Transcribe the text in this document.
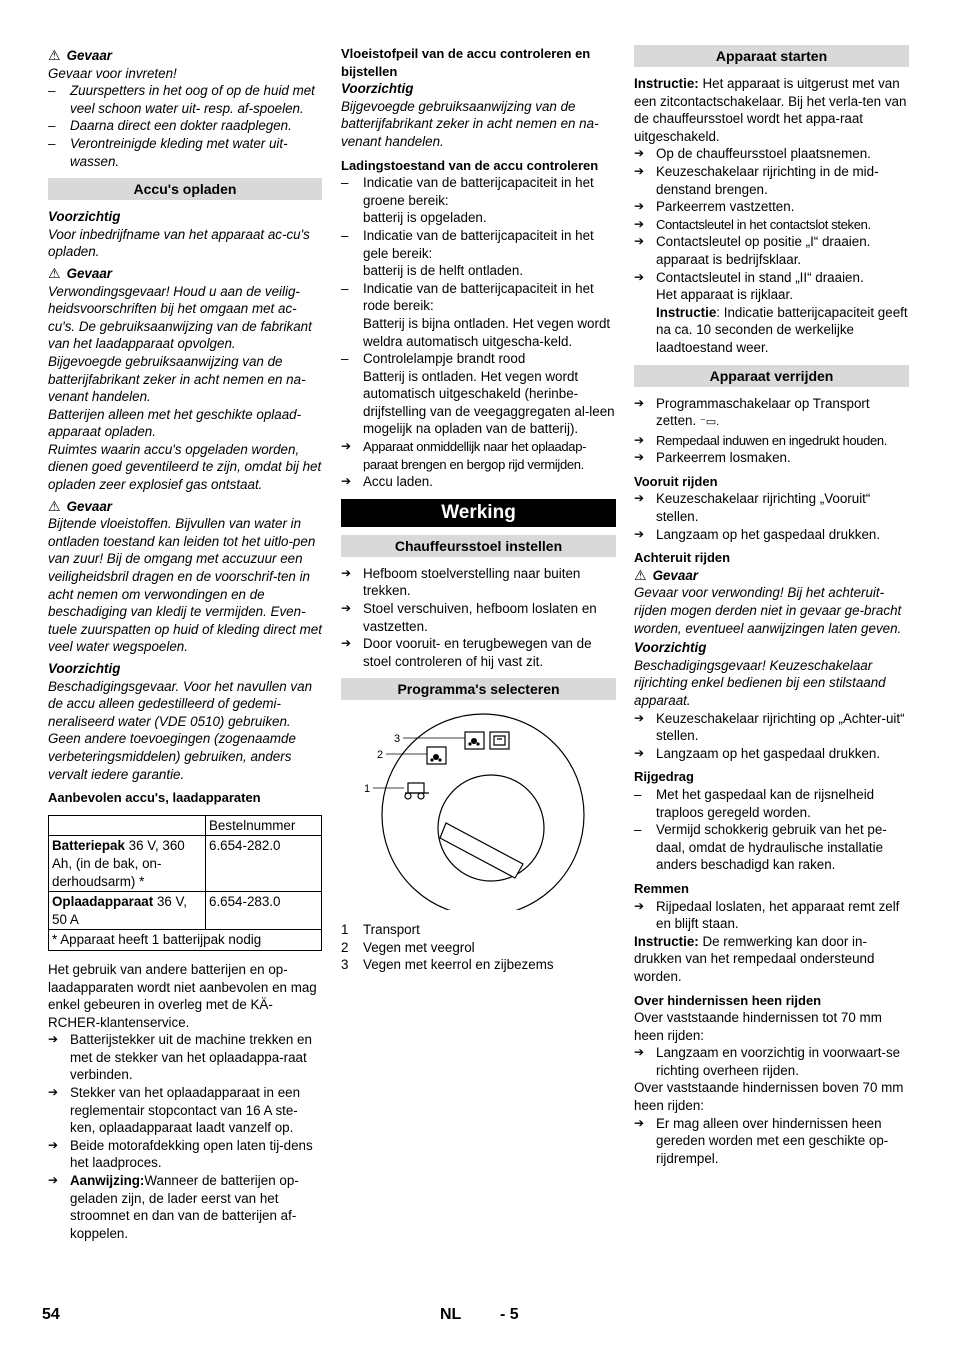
⚠ Gevaar

Gevaar voor invreten!

– Zuurspetters in het oog of op de huid met veel schoon water uit- resp. af-spoelen.

– Daarna direct een dokter raadplegen.

– Verontreinigde kleding met water uit-wassen.

Accu's opladen

Voorzichtig

Voor inbedrijfname van het apparaat ac-cu's opladen.

⚠ Gevaar

Verwondingsgevaar! Houd u aan de veilig-heidsvoorschriften bij het omgaan met ac-cu's. De gebruiksaanwijzing van de fabrikant van het laadapparaat opvolgen.

Bijgevoegde gebruiksaanwijzing van de batterijfabrikant zeker in acht nemen en na-venant handelen.

Batterijen alleen met het geschikte oplaad-apparaat opladen.

Ruimtes waarin accu's opgeladen worden, dienen goed geventileerd te zijn, omdat bij het opladen zeer explosief gas ontstaat.

⚠ Gevaar

Bijtende vloeistoffen. Bijvullen van water in ontladen toestand kan leiden tot het uitlo-pen van zuur! Bij de omgang met accuzuur een veiligheidsbril dragen en de voorschrif-ten in acht nemen om verwondingen en de beschadiging van kledij te vermijden. Even-tuele zuurspatten op huid of kleding direct met veel water wegspoelen.

Voorzichtig

Beschadigingsgevaar. Voor het navullen van de accu alleen gedestilleerd of gedemi-neraliseerd water (VDE 0510) gebruiken. Geen andere toevoegingen (zogenaamde verbeteringsmiddelen) gebruiken, anders vervalt iedere garantie.

Aanbevolen accu's, laadapparaten

	Bestelnummer
Batteriepak 36 V, 360 Ah, (in de bak, on-derhoudsarm) *	6.654-282.0
Oplaadapparaat 36 V, 50 A	6.654-283.0
* Apparaat heeft 1 batterijpak nodig	

Het gebruik van andere batterijen en op-laadapparaten wordt niet aanbevolen en mag enkel gebeuren in overleg met de KÄ-RCHER-klantenservice.

➔ Batterijstekker uit de machine trekken en met de stekker van het oplaadappa-raat verbinden.

➔ Stekker van het oplaadapparaat in een reglementair stopcontact van 16 A ste-ken, oplaadapparaat laadt vanzelf op.

➔ Beide motorafdekking open laten tij-dens het laadproces.

➔ Aanwijzing:Wanneer de batterijen op-geladen zijn, de lader eerst van het stroomnet en dan van de batterijen af-koppelen.

Vloeistofpeil van de accu controleren en bijstellen

Voorzichtig

Bijgevoegde gebruiksaanwijzing van de batterijfabrikant zeker in acht nemen en na-venant handelen.

Ladingstoestand van de accu controleren

– Indicatie van de batterijcapaciteit in het groene bereik:

batterij is opgeladen.

– Indicatie van de batterijcapaciteit in het gele bereik:

batterij is de helft ontladen.

– Indicatie van de batterijcapaciteit in het rode bereik:

Batterij is bijna ontladen. Het vegen wordt weldra automatisch uitgescha-keld.

– Controlelampje brandt rood

Batterij is ontladen. Het vegen wordt automatisch uitgeschakeld (herinbe-drijfstelling van de veegaggregaten al-leen mogelijk na opladen van de batterij).

➔ Apparaat onmiddellijk naar het oplaadap-paraat brengen en bergop rijd vermijden.

➔ Accu laden.

Werking
Chauffeursstoel instellen

➔ Hefboom stoelverstelling naar buiten trekken.

➔ Stoel verschuiven, hefboom loslaten en vastzetten.

➔ Door vooruit- en terugbewegen van de stoel controleren of hij vast zit.

Programma's selecteren
1
2
3

1 Transport

2 Vegen met veegrol

3 Vegen met keerrol en zijbezems

Apparaat starten

Instructie: Het apparaat is uitgerust met van een zitcontactschakelaar. Bij het verla-ten van de chauffeursstoel wordt het appa-raat uitgeschakeld.

➔ Op de chauffeursstoel plaatsnemen.

➔ Keuzeschakelaar rijrichting in de mid-denstand brengen.

➔ Parkeerrem vastzetten.

➔ Contactsleutel in het contactslot steken.

➔ Contactsleutel op positie „I“ draaien.

apparaat is bedrijfsklaar.

➔ Contactsleutel in stand „II“ draaien.

Het apparaat is rijklaar.

Instructie: Indicatie batterijcapaciteit geeft na ca. 10 seconden de werkelijke laadtoestand weer.

Apparaat verrijden

➔ Programmaschakelaar op Transport zetten. ⁻▭.

➔ Rempedaal induwen en ingedrukt houden.

➔ Parkeerrem losmaken.

Vooruit rijden

➔ Keuzeschakelaar rijrichting „Vooruit“ stellen.

➔ Langzaam op het gaspedaal drukken.

Achteruit rijden

⚠ Gevaar

Gevaar voor verwonding! Bij het achteruit-rijden mogen derden niet in gevaar ge-bracht worden, eventueel aanwijzingen laten geven.

Voorzichtig

Beschadigingsgevaar! Keuzeschakelaar rijrichting enkel bedienen bij een stilstaand apparaat.

➔ Keuzeschakelaar rijrichting op „Achter-uit“ stellen.

➔ Langzaam op het gaspedaal drukken.

Rijgedrag

– Met het gaspedaal kan de rijsnelheid traploos geregeld worden.

– Vermijd schokkerig gebruik van het pe-daal, omdat de hydraulische installatie anders beschadigd kan raken.

Remmen

➔ Rijpedaal loslaten, het apparaat remt zelf en blijft staan.

Instructie: De remwerking kan door in-drukken van het rempedaal ondersteund worden.

Over hindernissen heen rijden

Over vaststaande hindernissen tot 70 mm heen rijden:

➔ Langzaam en voorzichtig in voorwaart-se richting overheen rijden.

Over vaststaande hindernissen boven 70 mm heen rijden:

➔ Er mag alleen over hindernissen heen gereden worden met een geschikte op-rijdrempel.

54	NL - 5
